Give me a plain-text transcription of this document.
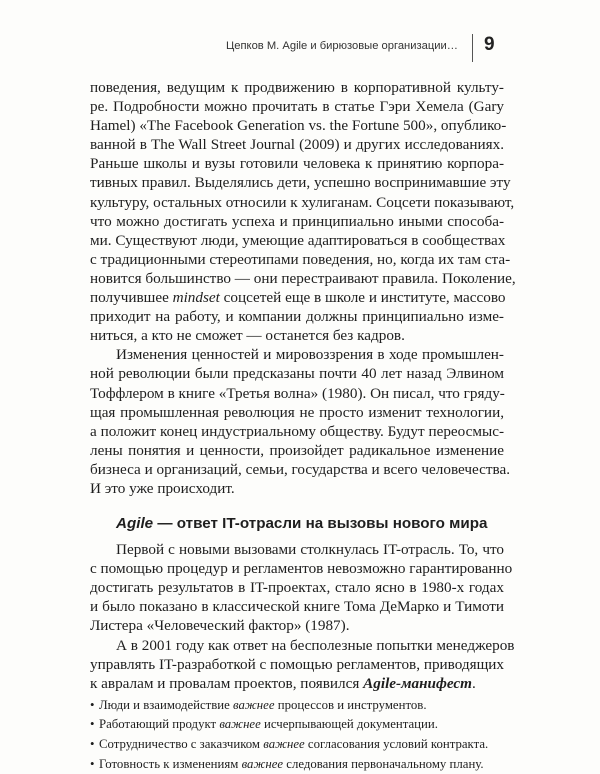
Цепков М. Agile и бирюзовые организации…	9
поведения, ведущим к продвижению в корпоративной культу-
ре. Подробности можно прочитать в статье Гэри Хемела (Gary
Hamel) «The Facebook Generation vs. the Fortune 500», опублико-
ванной в The Wall Street Journal (2009) и других исследованиях.
Раньше школы и вузы готовили человека к принятию корпора-
тивных правил. Выделялись дети, успешно воспринимавшие эту
культуру, остальных относили к хулиганам. Соцсети показывают,
что можно достигать успеха и принципиально иными способа-
ми. Существуют люди, умеющие адаптироваться в сообществах
с традиционными стереотипами поведения, но, когда их там ста-
новится большинство — они перестраивают правила. Поколение,
получившее mindset соцсетей еще в школе и институте, массово
приходит на работу, и компании должны принципиально изме-
ниться, а кто не сможет — останется без кадров.
Изменения ценностей и мировоззрения в ходе промышлен-
ной революции были предсказаны почти 40 лет назад Элвином
Тоффлером в книге «Третья волна» (1980). Он писал, что гряду-
щая промышленная революция не просто изменит технологии,
а положит конец индустриальному обществу. Будут переосмыс-
лены понятия и ценности, произойдет радикальное изменение
бизнеса и организаций, семьи, государства и всего человечества.
И это уже происходит.
Agile — ответ IT-отрасли на вызовы нового мира
Первой с новыми вызовами столкнулась IT-отрасль. То, что
с помощью процедур и регламентов невозможно гарантированно
достигать результатов в IT-проектах, стало ясно в 1980-х годах
и было показано в классической книге Тома ДеМарко и Тимоти
Листера «Человеческий фактор» (1987).
А в 2001 году как ответ на бесполезные попытки менеджеров
управлять IT-разработкой с помощью регламентов, приводящих
к авралам и провалам проектов, появился Agile-манифест.
• Люди и взаимодействие важнее процессов и инструментов.
• Работающий продукт важнее исчерпывающей документации.
• Сотрудничество с заказчиком важнее согласования условий контракта.
• Готовность к изменениям важнее следования первоначальному плану.
